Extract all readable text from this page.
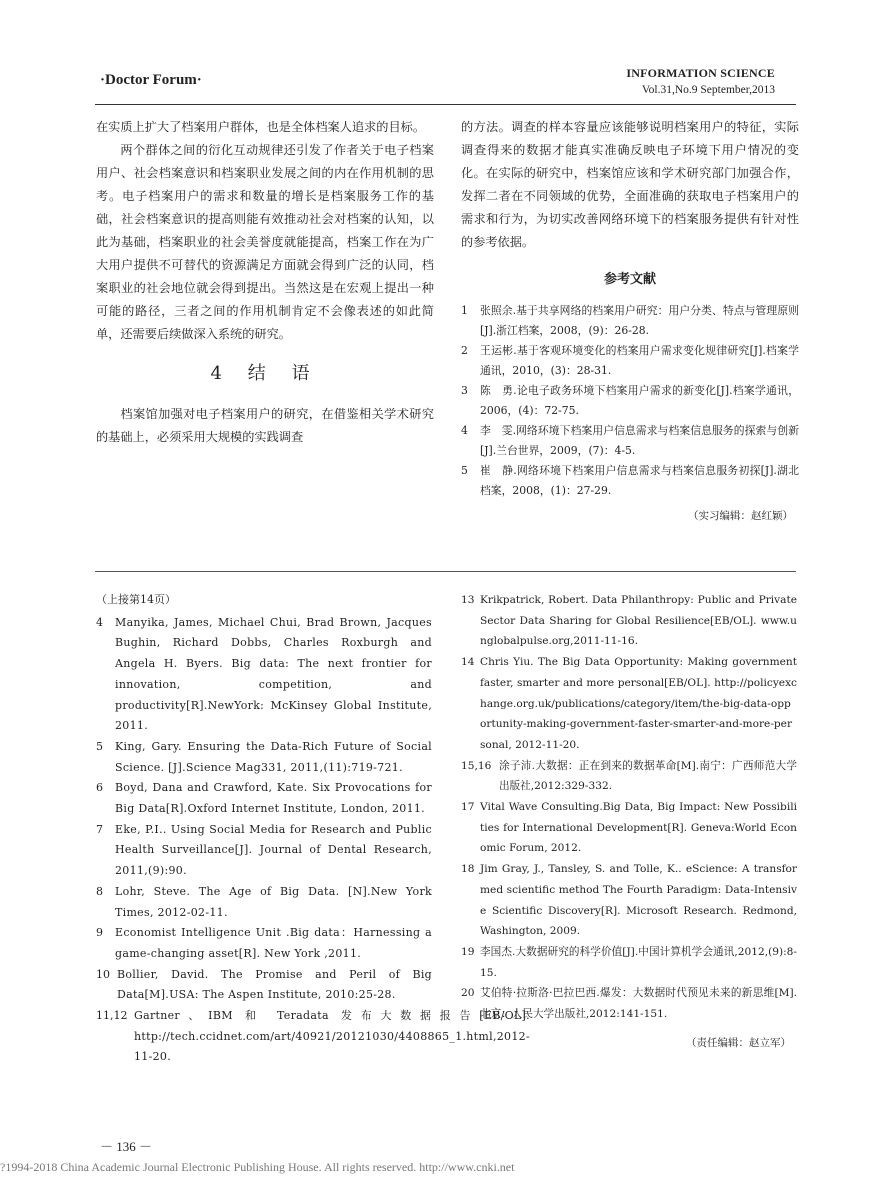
·Doctor Forum·	INFORMATION SCIENCE
Vol.31,No.9 September,2013

在实质上扩大了档案用户群体，也是全体档案人追求的目标。

两个群体之间的衍化互动规律还引发了作者关于电子档案用户、社会档案意识和档案职业发展之间的内在作用机制的思考。电子档案用户的需求和数量的增长是档案服务工作的基础，社会档案意识的提高则能有效推动社会对档案的认知，以此为基础，档案职业的社会美誉度就能提高，档案工作在为广大用户提供不可替代的资源满足方面就会得到广泛的认同，档案职业的社会地位就会得到提出。当然这是在宏观上提出一种可能的路径，三者之间的作用机制肯定不会像表述的如此简单，还需要后续做深入系统的研究。

4 结 语

档案馆加强对电子档案用户的研究，在借鉴相关学术研究的基础上，必须采用大规模的实践调查

的方法。调查的样本容量应该能够说明档案用户的特征，实际调查得来的数据才能真实准确反映电子环境下用户情况的变化。在实际的研究中，档案馆应该和学术研究部门加强合作，发挥二者在不同领域的优势，全面准确的获取电子档案用户的需求和行为，为切实改善网络环境下的档案服务提供有针对性的参考依据。

参考文献
1	张照余.基于共享网络的档案用户研究：用户分类、特点与管理原则[J].浙江档案，2008，(9)：26-28.
2	王运彬.基于客观环境变化的档案用户需求变化规律研究[J].档案学通讯，2010，(3)：28-31.
3	陈　勇.论电子政务环境下档案用户需求的新变化[J].档案学通讯，2006，(4)：72-75.
4	李　雯.网络环境下档案用户信息需求与档案信息服务的探索与创新[J].兰台世界，2009，(7)：4-5.
5	崔　静.网络环境下档案用户信息需求与档案信息服务初探[J].湖北档案，2008，(1)：27-29.
（实习编辑：赵红颖）
（上接第14页）
4	Manyika, James, Michael Chui, Brad Brown, Jacques Bughin, Richard Dobbs, Charles Roxburgh and Angela H. Byers. Big data: The next frontier for innovation, competition, and productivity[R].NewYork: McKinsey Global Institute, 2011.
5	King, Gary. Ensuring the Data-Rich Future of Social Science. [J].Science Mag331, 2011,(11):719-721.
6	Boyd, Dana and Crawford, Kate. Six Provocations for Big Data[R].Oxford Internet Institute, London, 2011.
7	Eke, P.I.. Using Social Media for Research and Public Health Surveillance[J]. Journal of Dental Research, 2011,(9):90.
8	Lohr, Steve. The Age of Big Data. [N].New York Times, 2012-02-11.
9	Economist Intelligence Unit .Big data：Harnessing a game-changing asset[R]. New York ,2011.
10 Bollier, David. The Promise and Peril of Big Data[M].USA: The Aspen Institute, 2010:25-28.
11,12 Gartner、IBM 和 Teradata 发布大数据报告[EB/OL]. http://tech.ccidnet.com/art/40921/20121030/4408865_1.html,2012-11-20.
13 Krikpatrick, Robert. Data Philanthropy: Public and Private Sector Data Sharing for Global Resilience[EB/OL]. www.unglobalpulse.org,2011-11-16.
14 Chris Yiu. The Big Data Opportunity: Making government faster, smarter and more personal[EB/OL]. http://policyexchange.org.uk/publications/category/item/the-big-data-opportunity-making-government-faster-smarter-and-more-personal, 2012-11-20.
15,16 涂子沛.大数据：正在到来的数据革命[M].南宁：广西师范大学出版社,2012:329-332.
17 Vital Wave Consulting.Big Data, Big Impact: New Possibilities for International Development[R]. Geneva:World Economic Forum, 2012.
18 Jim Gray, J., Tansley, S. and Tolle, K.. eScience: A transformed scientific method The Fourth Paradigm: Data-Intensive Scientific Discovery[R]. Microsoft Research. Redmond, Washington, 2009.
19 李国杰.大数据研究的科学价值[J].中国计算机学会通讯,2012,(9):8-15.
20 艾伯特·拉斯洛·巴拉巴西.爆发：大数据时代预见未来的新思维[M].北京：人民大学出版社,2012:141-151.
（责任编辑：赵立军）
－ 136 －
?1994-2018 China Academic Journal Electronic Publishing House. All rights reserved. http://www.cnki.net
